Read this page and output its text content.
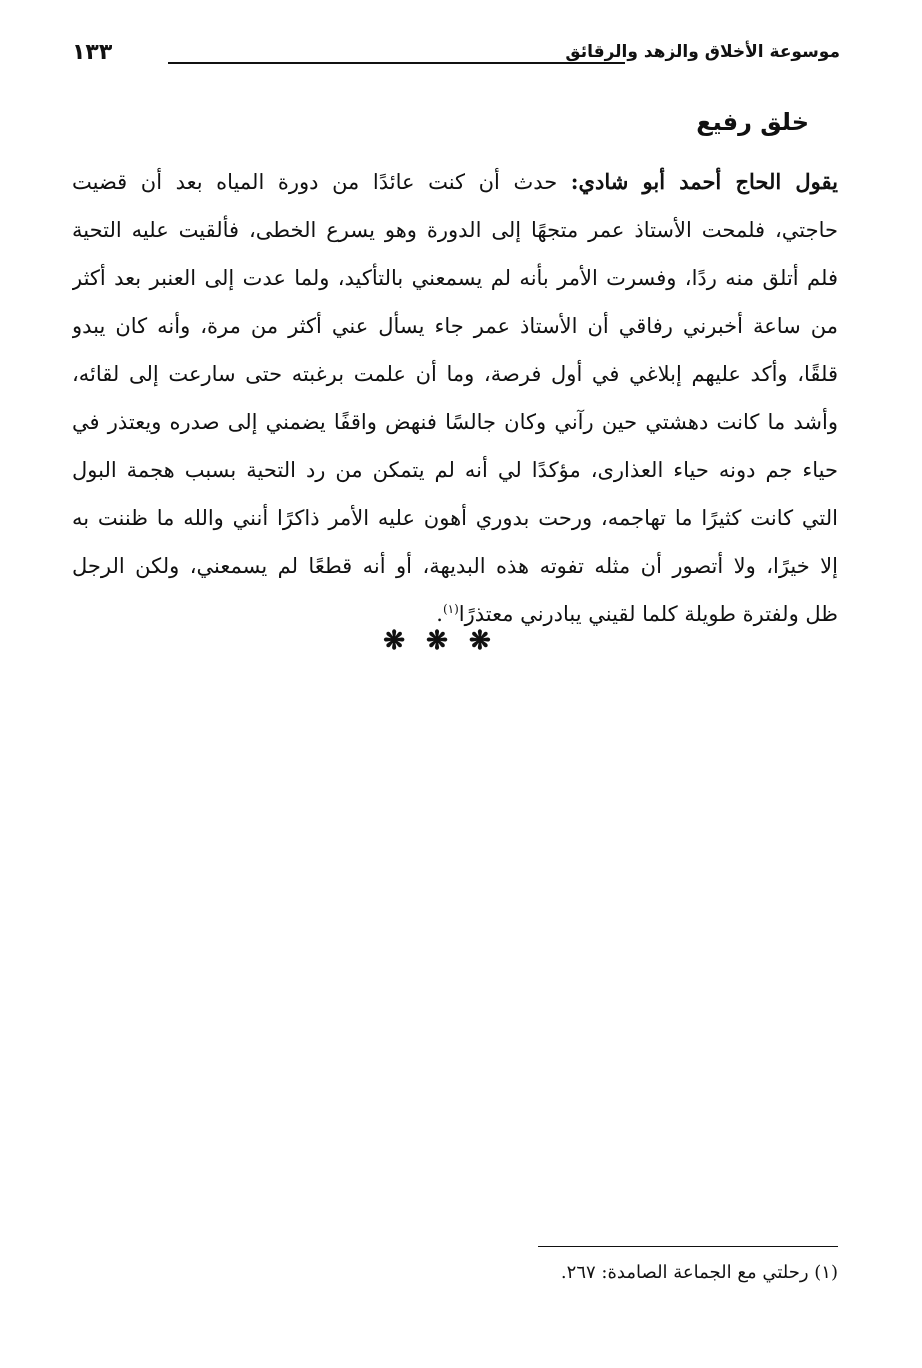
موسوعة الأخلاق والزهد والرقائق
١٣٣
خلق رفيع
يقول الحاج أحمد أبو شادي: حدث أن كنت عائدًا من دورة المياه بعد أن قضيت
حاجتي، فلمحت الأستاذ عمر متجهًا إلى الدورة وهو يسرع الخطى، فألقيت عليه التحية
فلم أتلق منه ردًا، وفسرت الأمر بأنه لم يسمعني بالتأكيد، ولما عدت إلى العنبر بعد أكثر
من ساعة أخبرني رفاقي أن الأستاذ عمر جاء يسأل عني أكثر من مرة، وأنه كان يبدو
قلقًا، وأكد عليهم إبلاغي في أول فرصة، وما أن علمت برغبته حتى سارعت إلى لقائه،
وأشد ما كانت دهشتي حين رآني وكان جالسًا فنهض واقفًا يضمني إلى صدره ويعتذر في
حياء جم دونه حياء العذارى، مؤكدًا لي أنه لم يتمكن من رد التحية بسبب هجمة البول
التي كانت كثيرًا ما تهاجمه، ورحت بدوري أهون عليه الأمر ذاكرًا أنني والله ما ظننت به
إلا خيرًا، ولا أتصور أن مثله تفوته هذه البديهة، أو أنه قطعًا لم يسمعني، ولكن الرجل
ظل ولفترة طويلة كلما لقيني يبادرني معتذرًا$^{(١)}$.
❋ ❋ ❋
(١) رحلتي مع الجماعة الصامدة: ٢٦٧.
